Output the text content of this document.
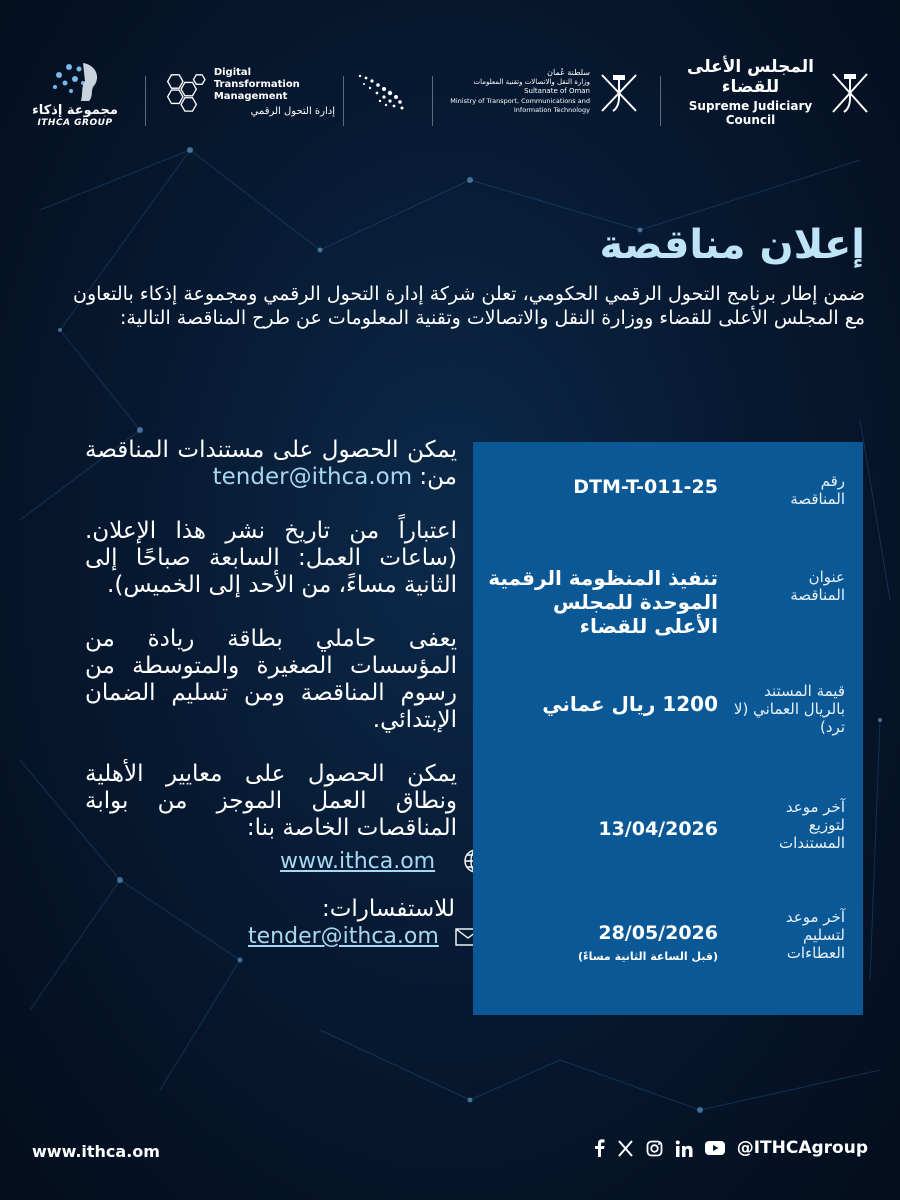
مجموعة إذكاء
ITHCA GROUP
Digital Transformation
Management
إدارة التحول الرقمي
سلطنة عُمان
وزارة النقل والاتصالات وتقنية المعلومات
Sultanate of Oman
Ministry of Transport, Communications and
Information Technology
المجلس الأعلى للقضاء
Supreme Judiciary Council
إعلان مناقصة
ضمن إطار برنامج التحول الرقمي الحكومي، تعلن شركة إدارة التحول الرقمي ومجموعة إذكاء بالتعاون مع المجلس الأعلى للقضاء ووزارة النقل والاتصالات وتقنية المعلومات عن طرح المناقصة التالية:

يمكن الحصول على مستندات المناقصة من: tender@ithca.om

اعتباراً من تاريخ نشر هذا الإعلان. (ساعات العمل: السابعة صباحًا إلى الثانية مساءً، من الأحد إلى الخميس).

يعفى حاملي بطاقة ريادة من المؤسسات الصغيرة والمتوسطة من رسوم المناقصة ومن تسليم الضمان الإبتدائي.

يمكن الحصول على معايير الأهلية ونطاق العمل الموجز من بوابة المناقصات الخاصة بنا:

www.ithca.om
للاستفسارات:
tender@ithca.om
رقم المناقصة
DTM-T-011-25
عنوان المناقصة
تنفيذ المنظومة الرقمية الموحدة للمجلس الأعلى للقضاء
قيمة المستند بالريال العماني (لا ترد)
1200 ريال عماني
آخر موعد لتوزيع المستندات
13/04/2026
آخر موعد لتسليم العطاءات
28/05/2026
(قبل الساعة الثانية مساءً)
www.ithca.om	@ITHCAgroup
